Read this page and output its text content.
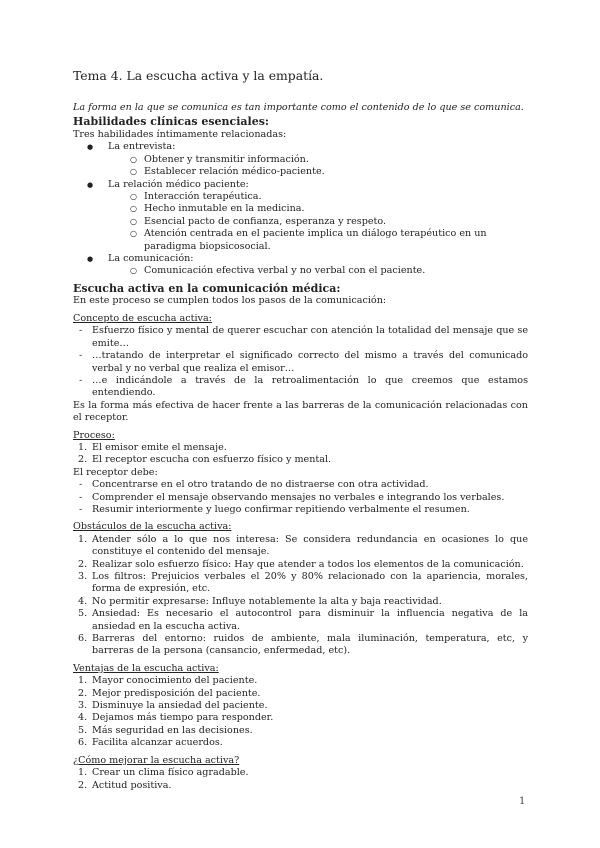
Tema 4. La escucha activa y la empatía.

La forma en la que se comunica es tan importante como el contenido de lo que se comunica.

Habilidades clínicas esenciales:

Tres habilidades íntimamente relacionadas:

● La entrevista:
○ Obtener y transmitir información.
○ Establecer relación médico-paciente.
● La relación médico paciente:
○ Interacción terapéutica.
○ Hecho inmutable en la medicina.
○ Esencial pacto de confianza, esperanza y respeto.
○ Atención centrada en el paciente implica un diálogo terapéutico en un paradigma biopsicosocial.
● La comunicación:
○ Comunicación efectiva verbal y no verbal con el paciente.
Escucha activa en la comunicación médica:

En este proceso se cumplen todos los pasos de la comunicación:

Concepto de escucha activa:

- Esfuerzo físico y mental de querer escuchar con atención la totalidad del mensaje que se emite…
- …tratando de interpretar el significado correcto del mismo a través del comunicado verbal y no verbal que realiza el emisor…
- …e indicándole a través de la retroalimentación lo que creemos que estamos entendiendo.

Es la forma más efectiva de hacer frente a las barreras de la comunicación relacionadas con el receptor.

Proceso:

1. El emisor emite el mensaje.
2. El receptor escucha con esfuerzo físico y mental.

El receptor debe:

- Concentrarse en el otro tratando de no distraerse con otra actividad.
- Comprender el mensaje observando mensajes no verbales e integrando los verbales.
- Resumir interiormente y luego confirmar repitiendo verbalmente el resumen.

Obstáculos de la escucha activa:

1. Atender sólo a lo que nos interesa: Se considera redundancia en ocasiones lo que constituye el contenido del mensaje.
2. Realizar solo esfuerzo físico: Hay que atender a todos los elementos de la comunicación.
3. Los filtros: Prejuicios verbales el 20% y 80% relacionado con la apariencia, morales, forma de expresión, etc.
4. No permitir expresarse: Influye notablemente la alta y baja reactividad.
5. Ansiedad: Es necesario el autocontrol para disminuir la influencia negativa de la ansiedad en la escucha activa.
6. Barreras del entorno: ruidos de ambiente, mala iluminación, temperatura, etc, y barreras de la persona (cansancio, enfermedad, etc).

Ventajas de la escucha activa:

1. Mayor conocimiento del paciente.
2. Mejor predisposición del paciente.
3. Disminuye la ansiedad del paciente.
4. Dejamos más tiempo para responder.
5. Más seguridad en las decisiones.
6. Facilita alcanzar acuerdos.

¿Cómo mejorar la escucha activa?

1. Crear un clima físico agradable.
2. Actitud positiva.
1
